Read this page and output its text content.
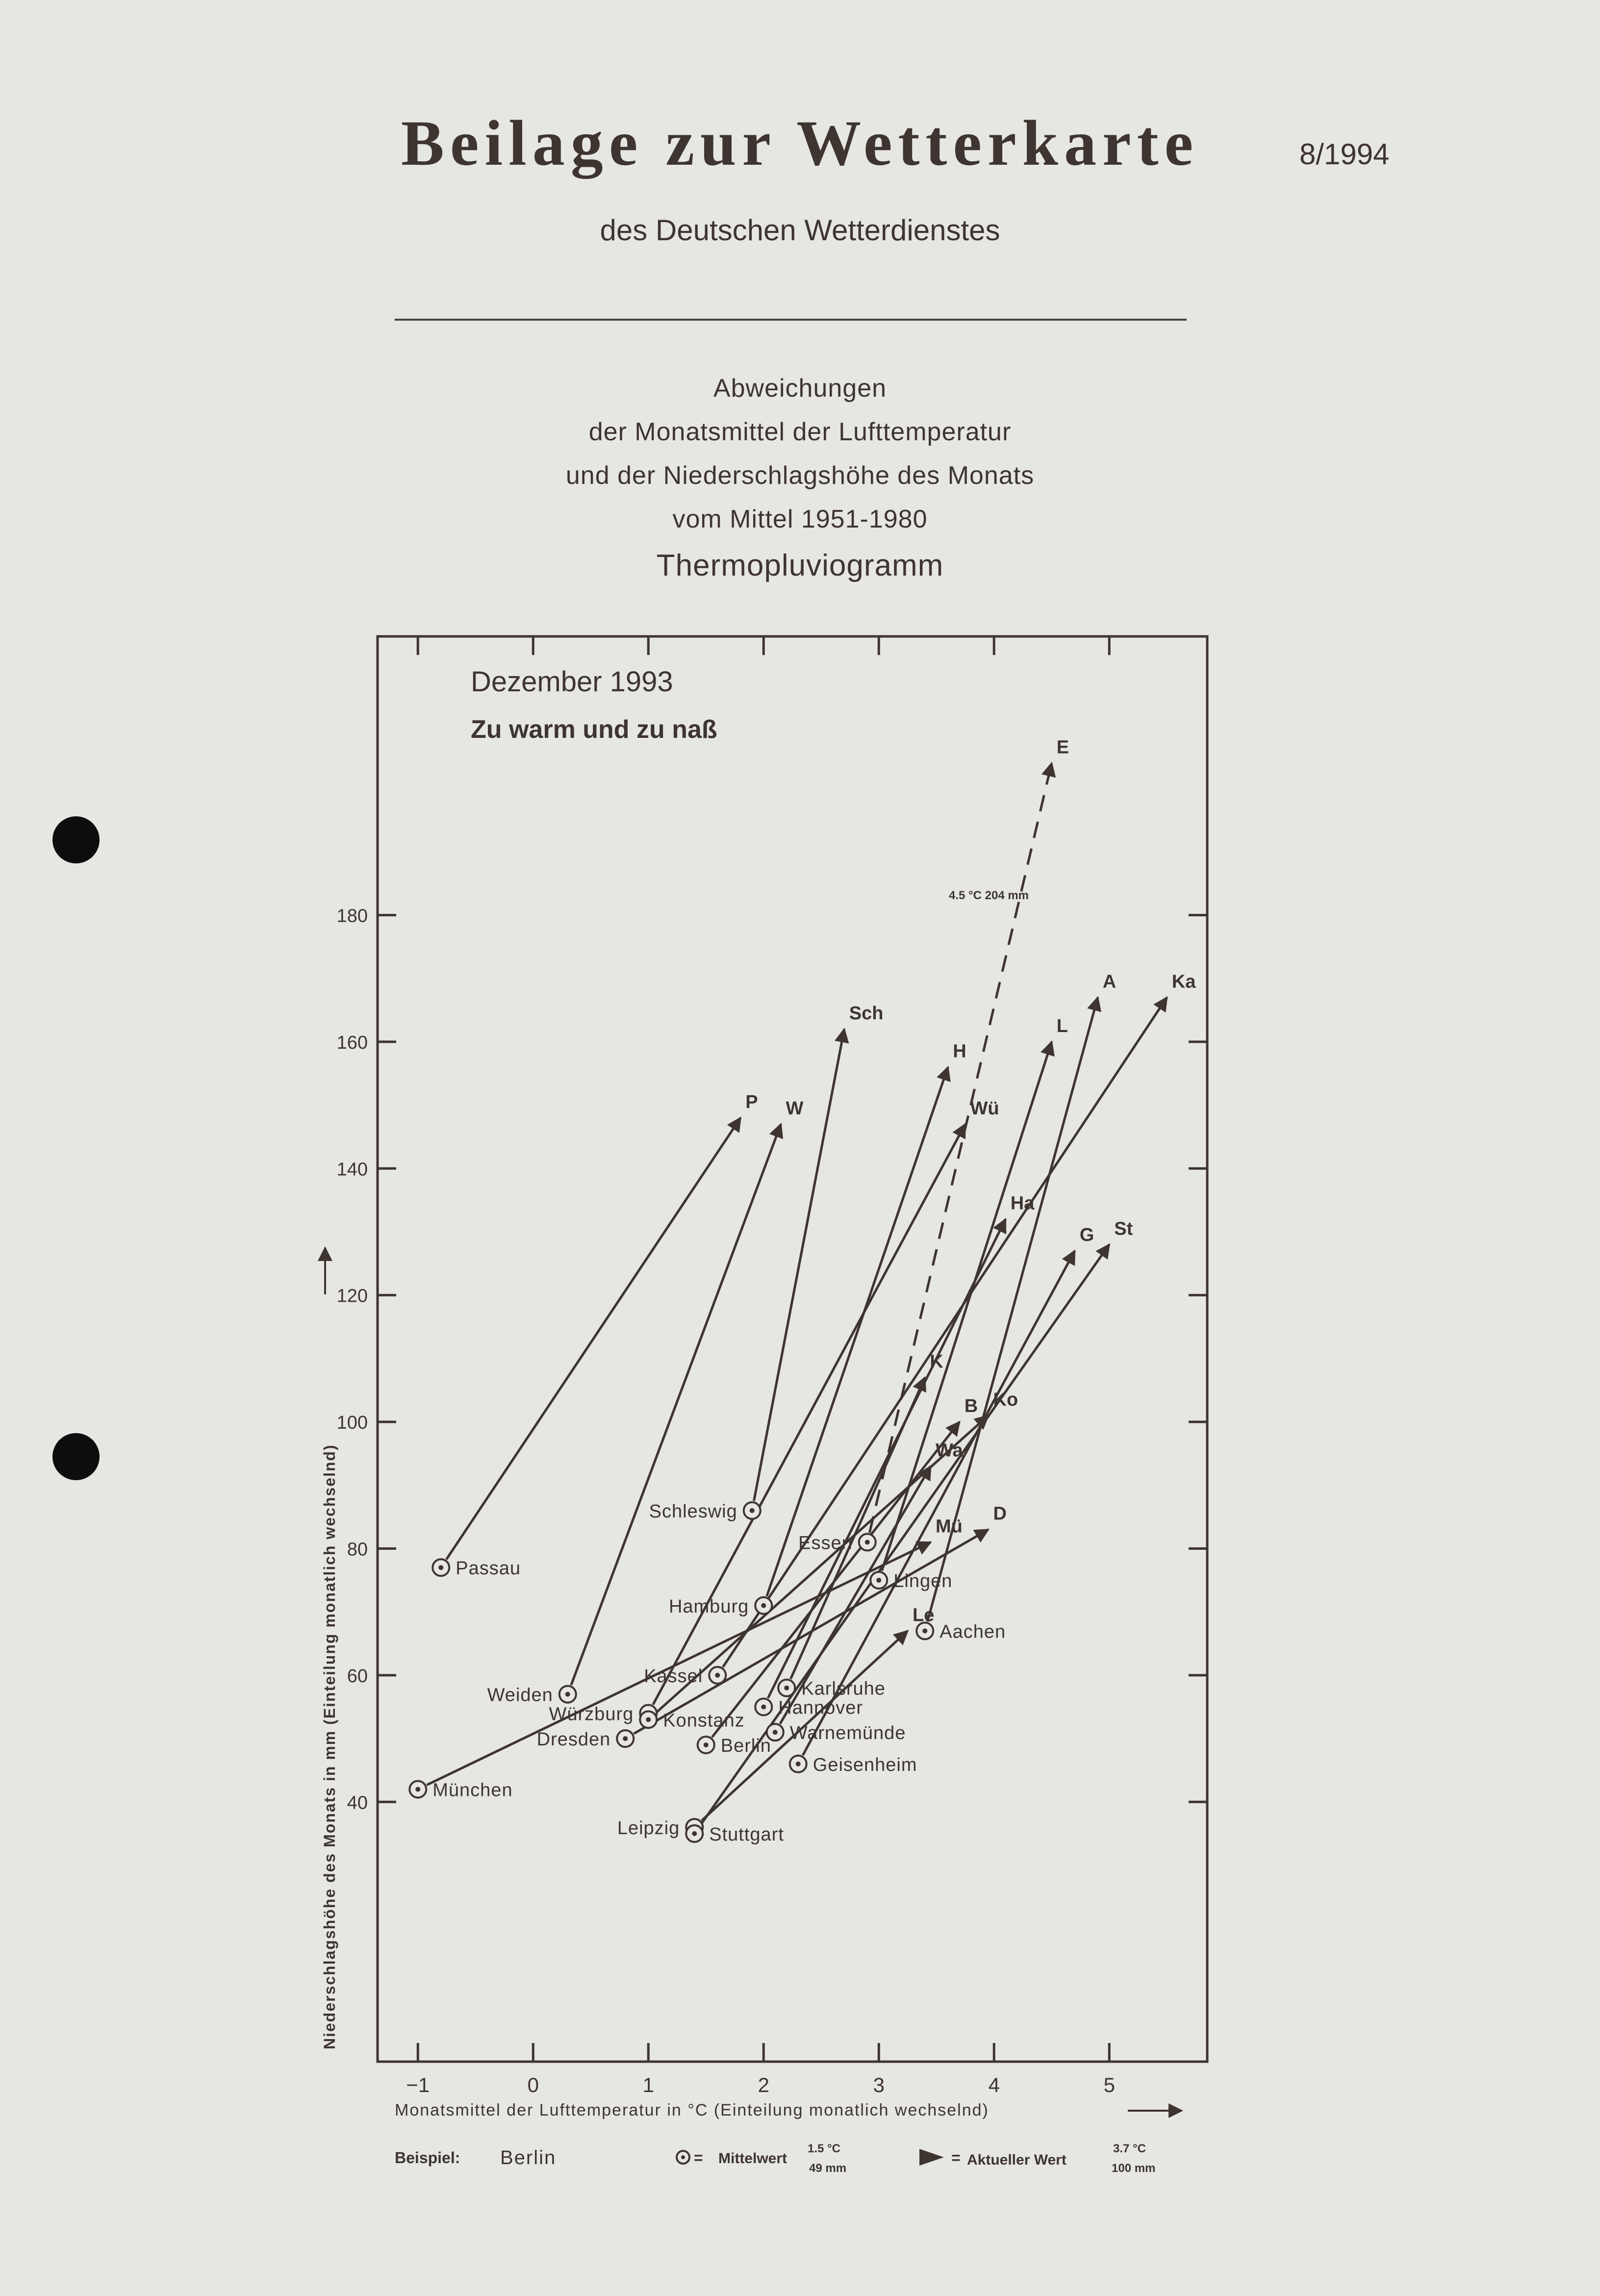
Beilage zur Wetterkarte	8/1994
des Deutschen Wetterdienstes
Abweichungen
der Monatsmittel der Lufttemperatur
und der Niederschlagshöhe des Monats
vom Mittel 1951-1980
Thermopluviogramm
−1	0	1	2	3	4	5
40
60
80
100
120
140
160
180
Passau
P
Schleswig
Sch
Weiden
W
München
Mü
Hamburg
H
Essen
E
Kassel
Ka
Würzburg
Wü
Konstanz
Ko
Dresden
D
Berlin
B
Lingen
L
Aachen
A
Karlsruhe
K
Hannover
Ha
Warnemünde
Wa
Geisenheim
G
Leipzig
Le
Stuttgart
St
Dezember 1993
Zu warm und zu naß
4.5 °C 204 mm
Monatsmittel der Lufttemperatur in °C (Einteilung monatlich wechselnd)
Niederschlagshöhe des Monats in mm (Einteilung monatlich wechselnd)
Beispiel: Berlin	= Mittelwert
1.5 °C
49 mm
= Aktueller Wert
3.7 °C
100 mm
